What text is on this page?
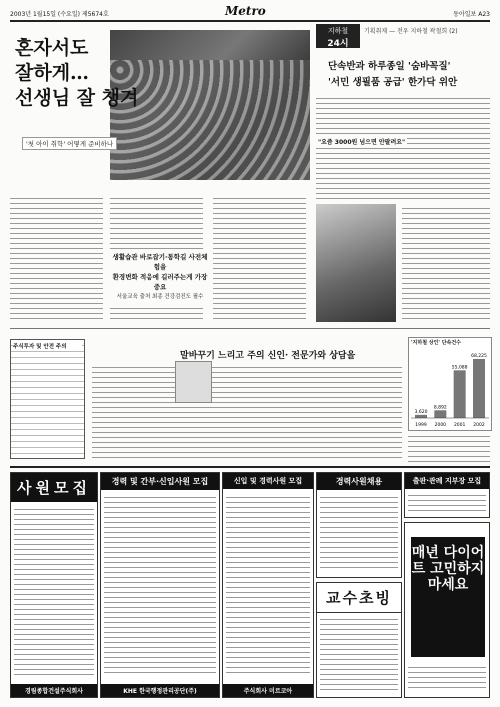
2003년 1월15일 (수요일) 제5674호	Metro	동아일보 A23
혼자서도
잘하게…
선생님 잘 챙겨
'첫 아이 취학' 어떻게 준비하나
생활습관 바로잡기·통학길 사전체험을
환경변화 적응에 길러주는게 가장중요
서울교육 출처 최종 건강검진도 필수
지하철
24시
기획취재 — 전우 지하철 곽철희 (2)
단속반과 하루종일 '숨바꼭질'
'서민 생필품 공급' 한가닥 위안
"요즘 3000원 넘으면 안팔려요"
주식투자 및 안전 주의
말바꾸기 느리고 주의 신인· 전문가와 상담을
'지하철 상인' 단속건수
3,620
1999
8,892
2000
55,088
2001
68,225
2002
사원모집
경림종합건설주식회사
경력 및 간부·신입사원 모집
KHE 한국행정관리공단(주)
신입 및 경력사원 모집
주식회사 미르코아
경력사원채용
교수초빙
출판·관례 지부장 모집
매년 다이어트 고민하지 마세요
